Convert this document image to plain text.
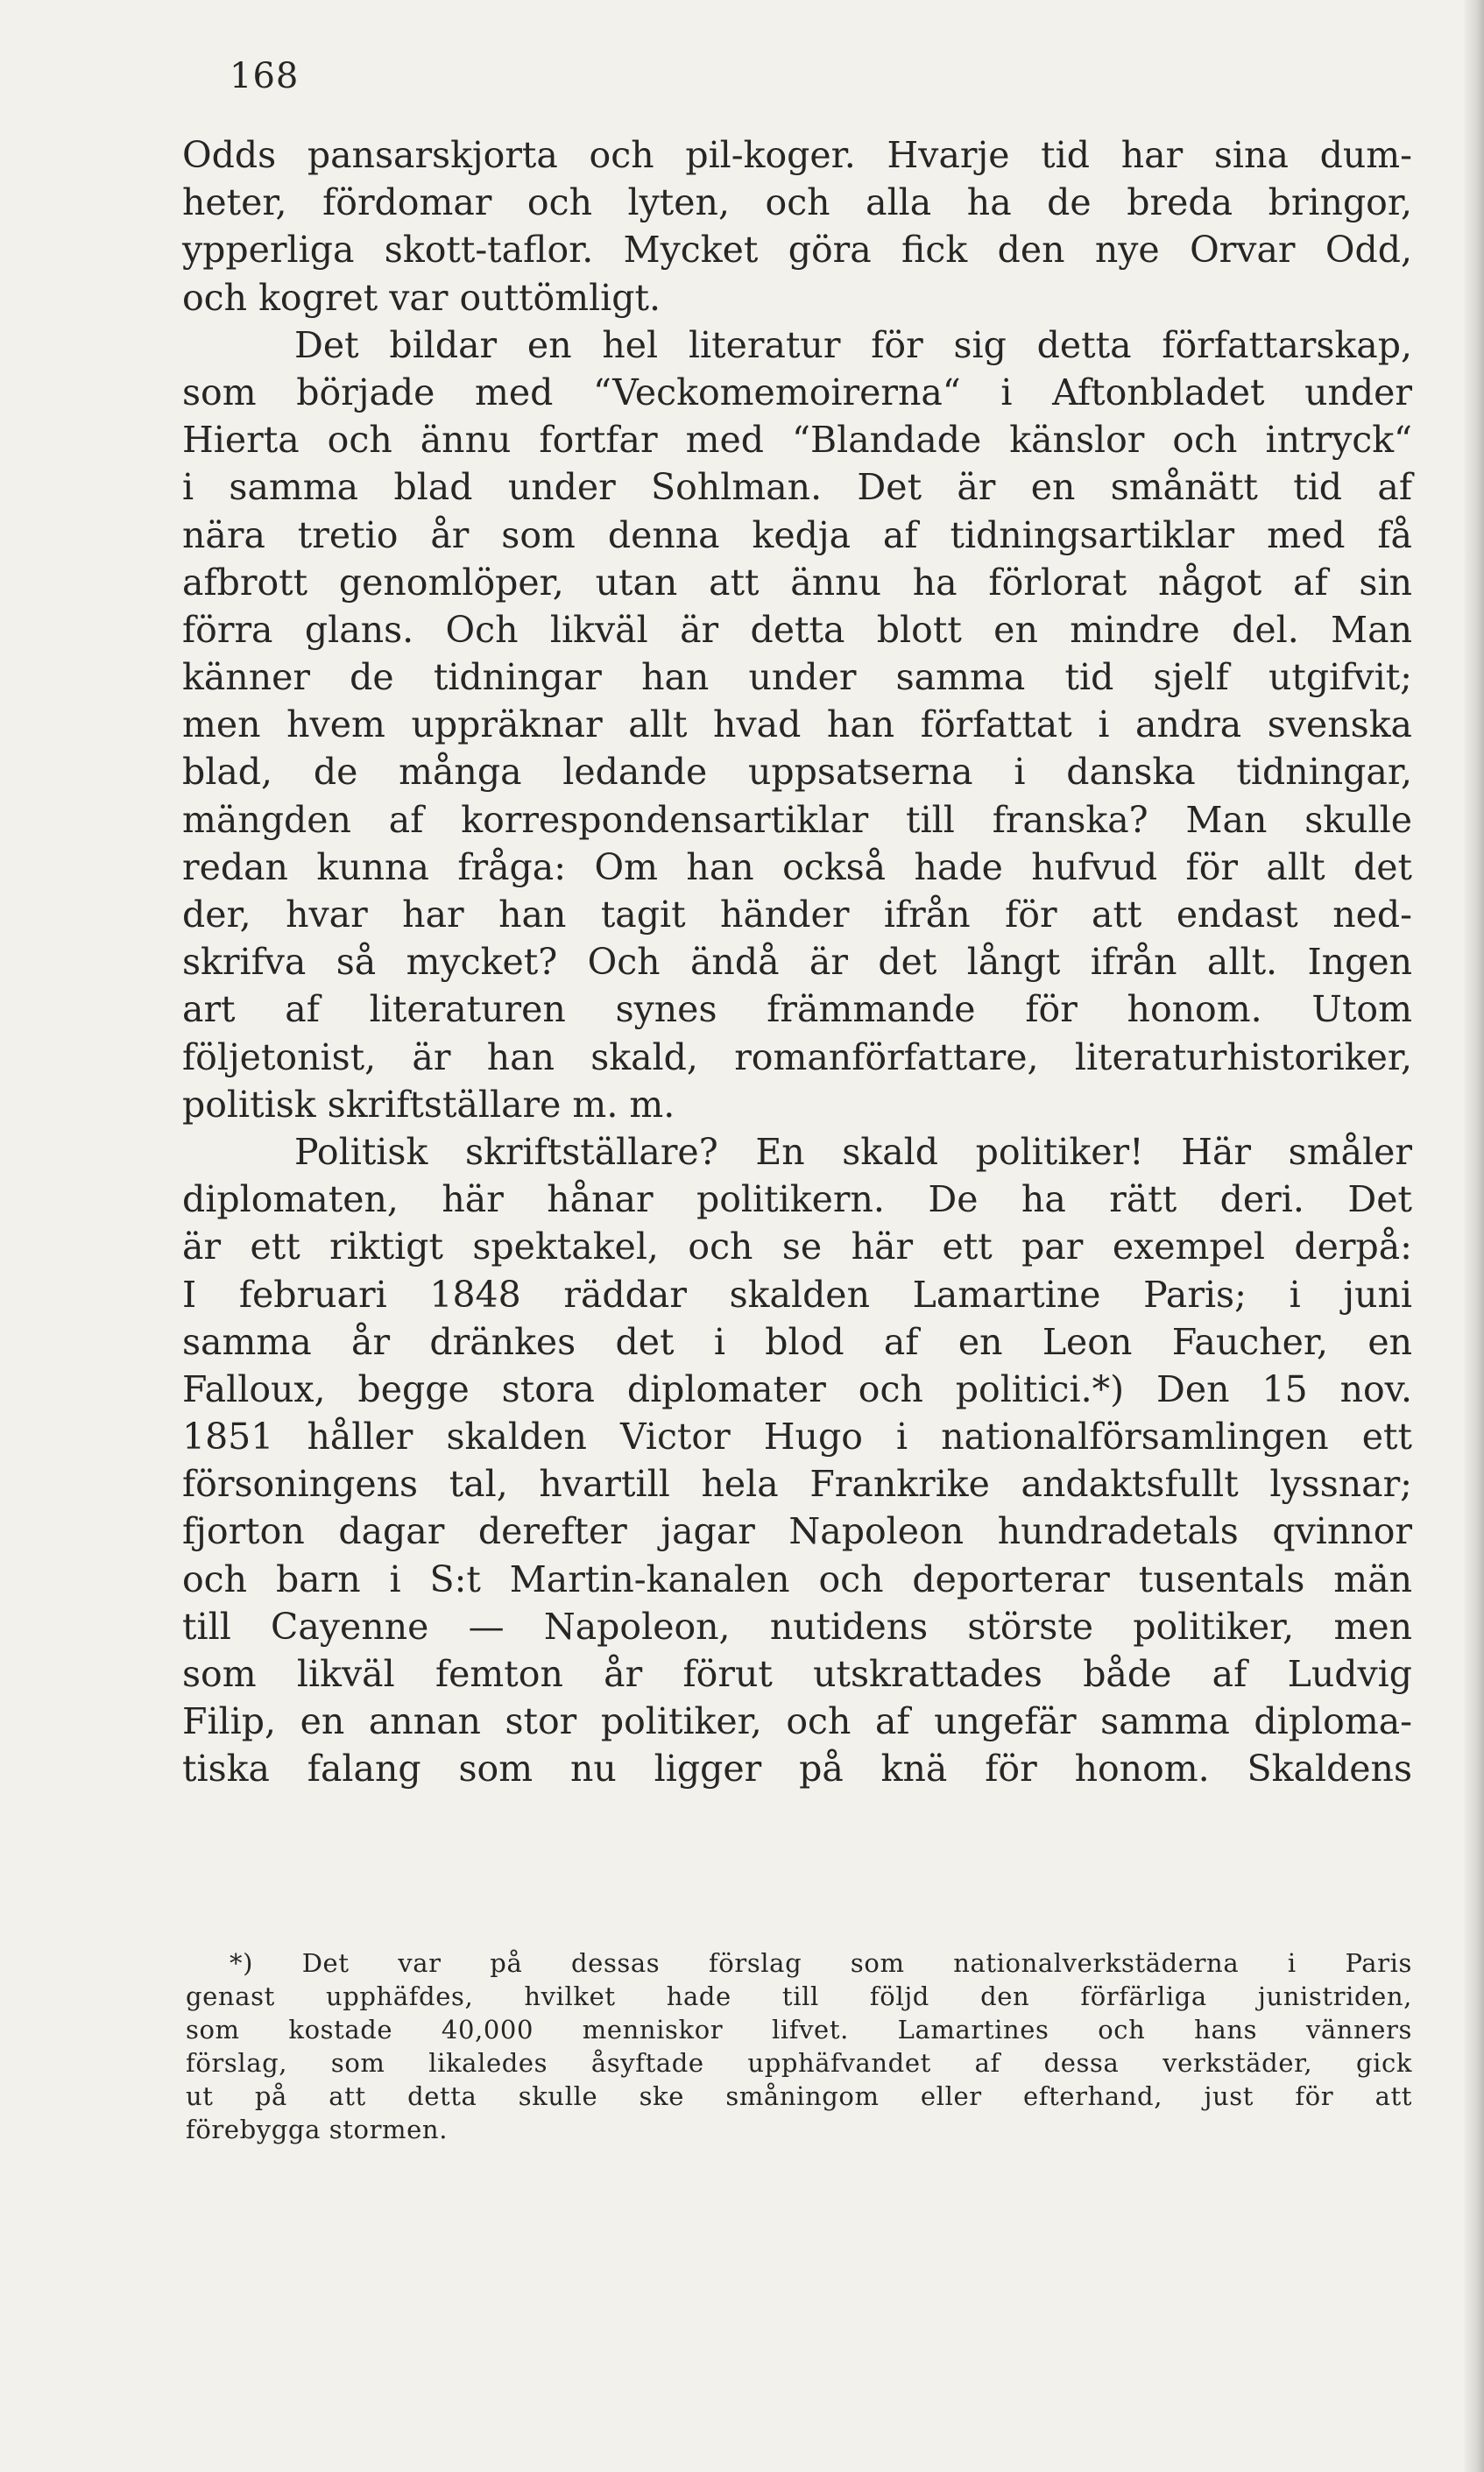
168
Odds pansarskjorta och pil-koger. Hvarje tid har sina dum-
heter, fördomar och lyten, och alla ha de breda bringor,
ypperliga skott-taflor. Mycket göra fick den nye Orvar Odd,
och kogret var outtömligt.
Det bildar en hel literatur för sig detta författarskap,
som började med “Veckomemoirerna“ i Aftonbladet under
Hierta och ännu fortfar med “Blandade känslor och intryck“
i samma blad under Sohlman. Det är en smånätt tid af
nära tretio år som denna kedja af tidningsartiklar med få
afbrott genomlöper, utan att ännu ha förlorat något af sin
förra glans. Och likväl är detta blott en mindre del. Man
känner de tidningar han under samma tid sjelf utgifvit;
men hvem uppräknar allt hvad han författat i andra svenska
blad, de många ledande uppsatserna i danska tidningar,
mängden af korrespondensartiklar till franska? Man skulle
redan kunna fråga: Om han också hade hufvud för allt det
der, hvar har han tagit händer ifrån för att endast ned-
skrifva så mycket? Och ändå är det långt ifrån allt. Ingen
art af literaturen synes främmande för honom. Utom
följetonist, är han skald, romanförfattare, literaturhistoriker,
politisk skriftställare m. m.
Politisk skriftställare? En skald politiker! Här småler
diplomaten, här hånar politikern. De ha rätt deri. Det
är ett riktigt spektakel, och se här ett par exempel derpå:
I februari 1848 räddar skalden Lamartine Paris; i juni
samma år dränkes det i blod af en Leon Faucher, en
Falloux, begge stora diplomater och politici.*) Den 15 nov.
1851 håller skalden Victor Hugo i nationalförsamlingen ett
försoningens tal, hvartill hela Frankrike andaktsfullt lyssnar;
fjorton dagar derefter jagar Napoleon hundradetals qvinnor
och barn i S:t Martin-kanalen och deporterar tusentals män
till Cayenne — Napoleon, nutidens störste politiker, men
som likväl femton år förut utskrattades både af Ludvig
Filip, en annan stor politiker, och af ungefär samma diploma-
tiska falang som nu ligger på knä för honom. Skaldens
*) Det var på dessas förslag som nationalverkstäderna i Paris
genast upphäfdes, hvilket hade till följd den förfärliga junistriden,
som kostade 40,000 menniskor lifvet. Lamartines och hans vänners
förslag, som likaledes åsyftade upphäfvandet af dessa verkstäder, gick
ut på att detta skulle ske småningom eller efterhand, just för att
förebygga stormen.
